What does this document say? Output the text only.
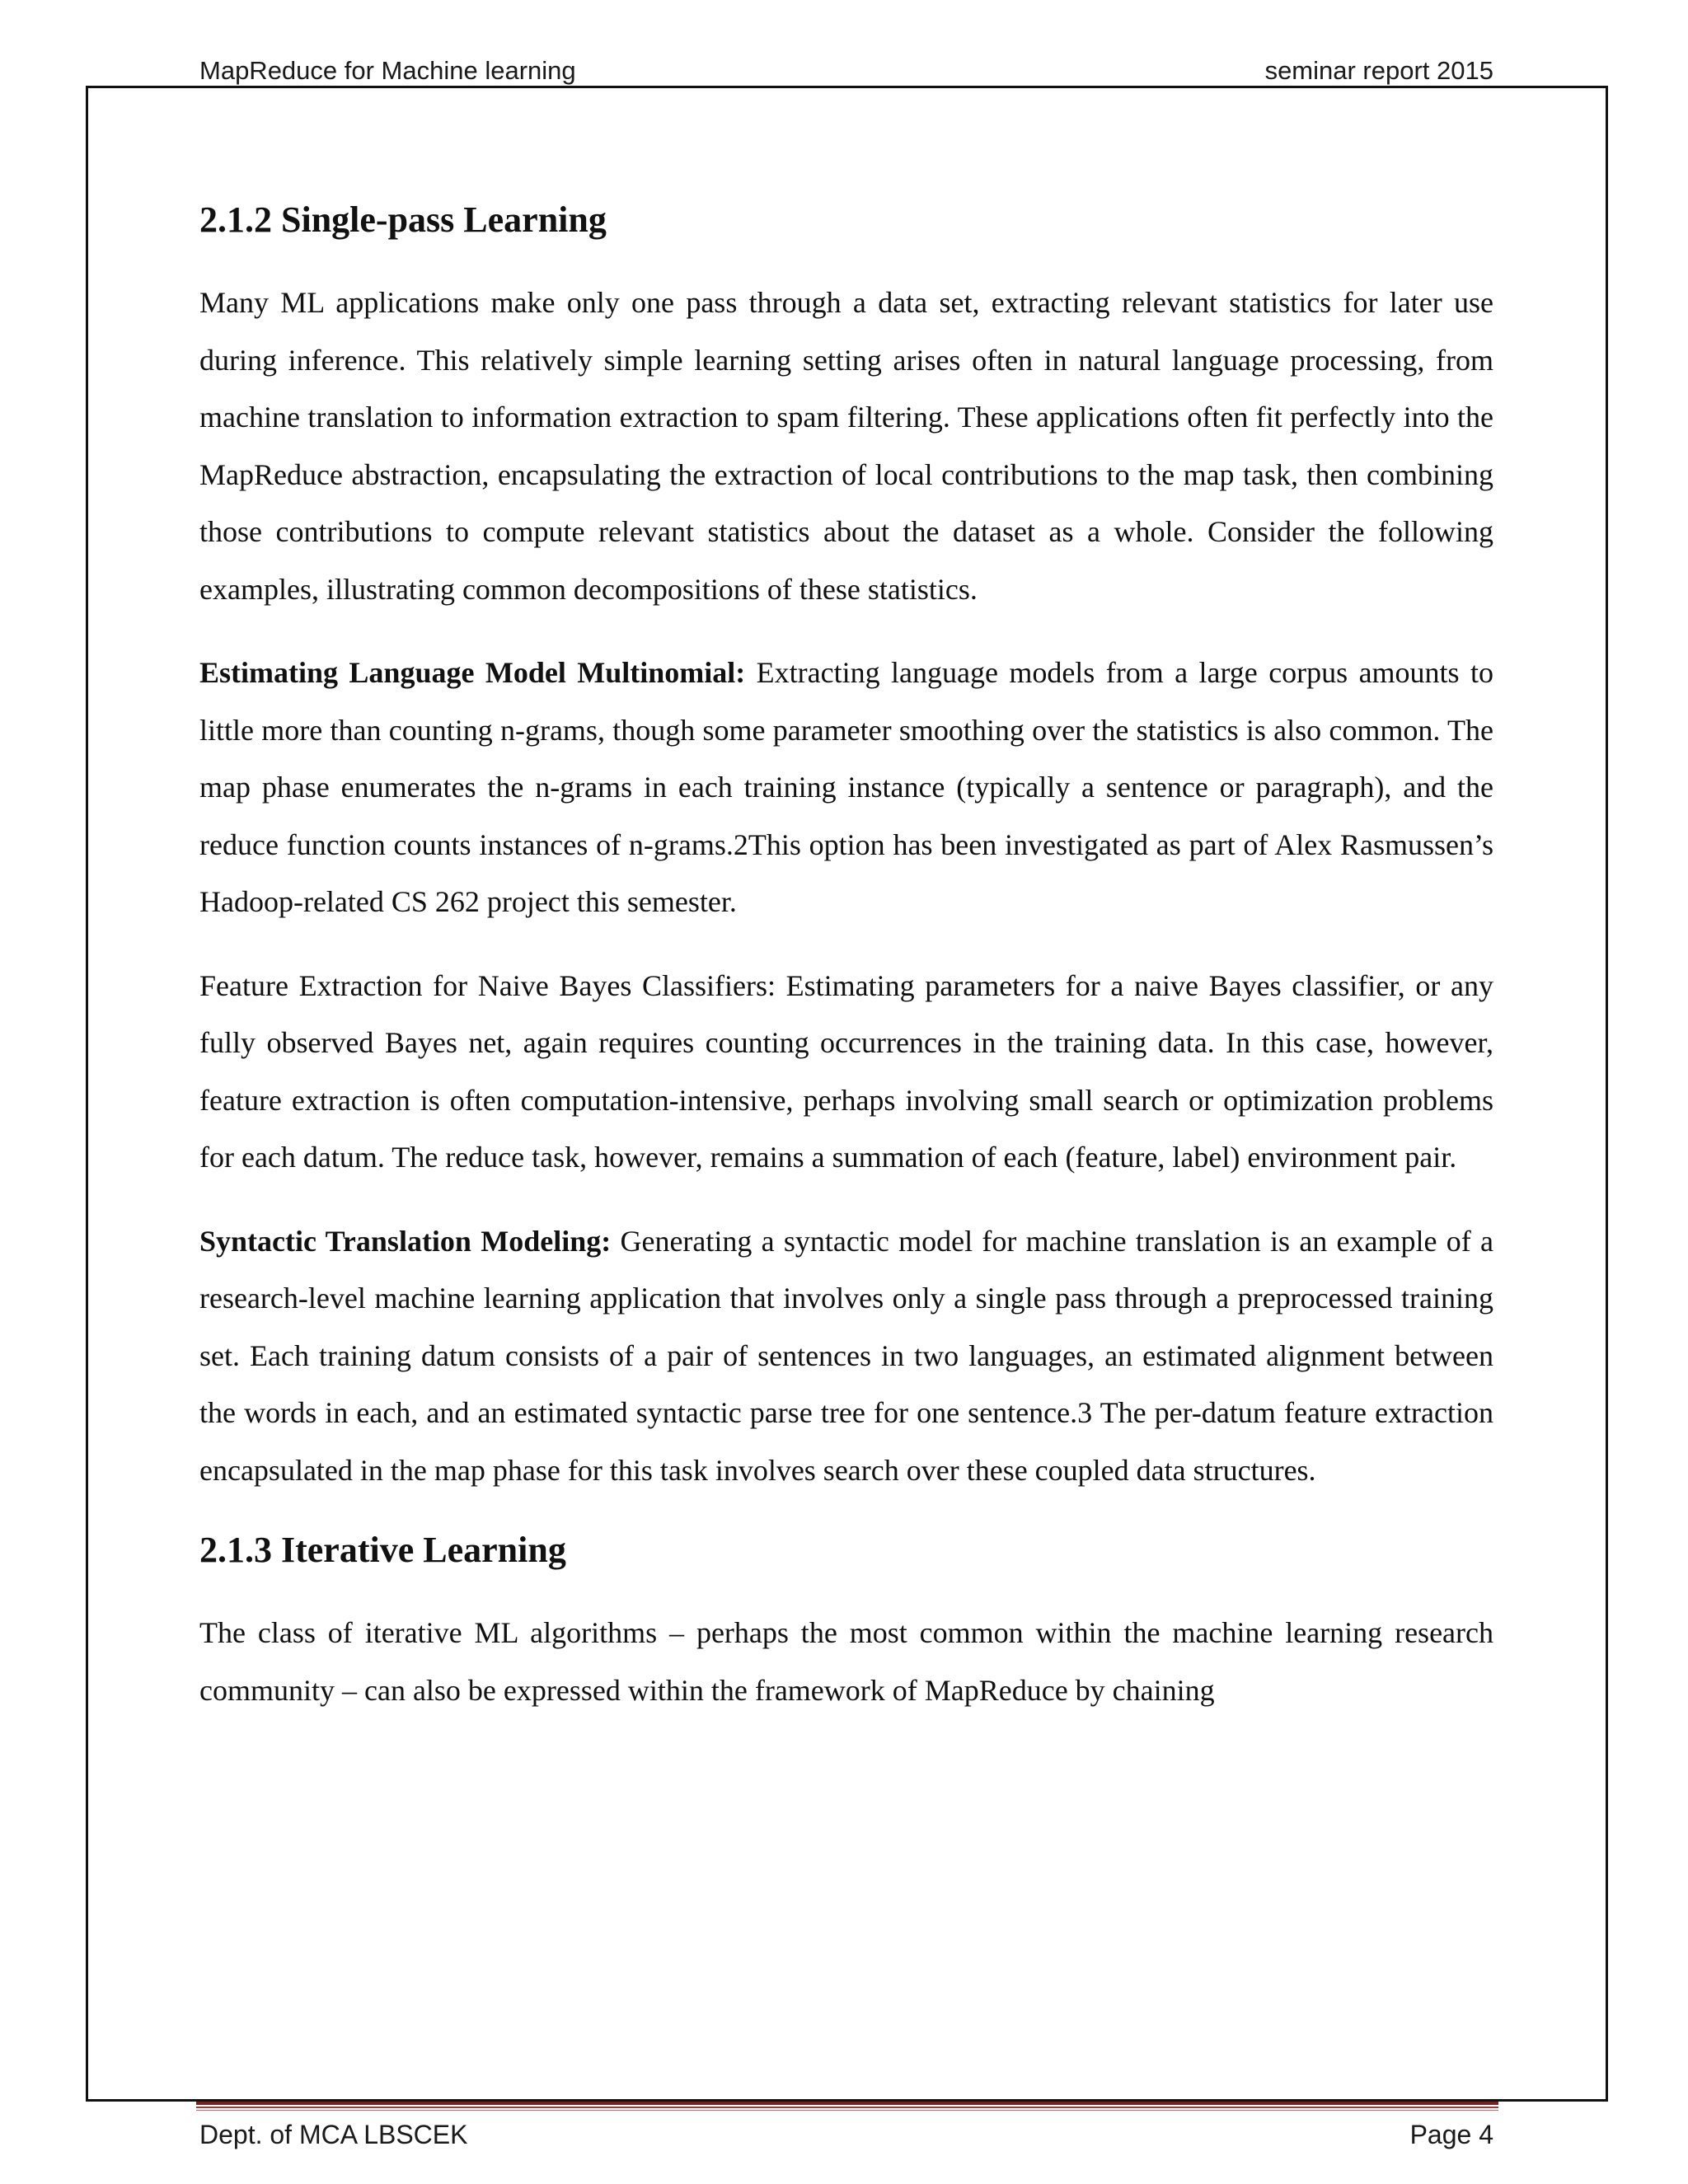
MapReduce for Machine learning	seminar report 2015
2.1.2 Single-pass Learning

Many ML applications make only one pass through a data set, extracting relevant statistics for later use during inference. This relatively simple learning setting arises often in natural language processing, from machine translation to information extraction to spam filtering. These applications often fit perfectly into the MapReduce abstraction, encapsulating the extraction of local contributions to the map task, then combining those contributions to compute relevant statistics about the dataset as a whole. Consider the following examples, illustrating common decompositions of these statistics.

Estimating Language Model Multinomial: Extracting language models from a large corpus amounts to little more than counting n-grams, though some parameter smoothing over the statistics is also common. The map phase enumerates the n-grams in each training instance (typically a sentence or paragraph), and the reduce function counts instances of n-grams.2This option has been investigated as part of Alex Rasmussen’s Hadoop-related CS 262 project this semester.

Feature Extraction for Naive Bayes Classifiers: Estimating parameters for a naive Bayes classifier, or any fully observed Bayes net, again requires counting occurrences in the training data. In this case, however, feature extraction is often computation-intensive, perhaps involving small search or optimization problems for each datum. The reduce task, however, remains a summation of each (feature, label) environment pair.

Syntactic Translation Modeling: Generating a syntactic model for machine translation is an example of a research-level machine learning application that involves only a single pass through a preprocessed training set. Each training datum consists of a pair of sentences in two languages, an estimated alignment between the words in each, and an estimated syntactic parse tree for one sentence.3 The per-datum feature extraction encapsulated in the map phase for this task involves search over these coupled data structures.

2.1.3 Iterative Learning

The class of iterative ML algorithms – perhaps the most common within the machine learning research community – can also be expressed within the framework of MapReduce by chaining

Dept. of MCA LBSCEK	Page 4
